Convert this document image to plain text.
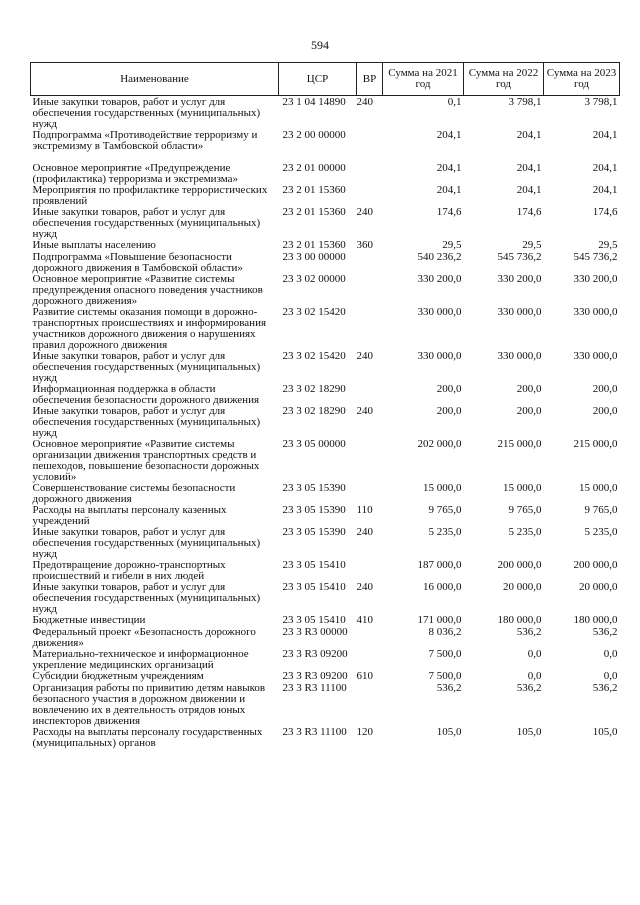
594
Наименование	ЦСР	ВР	Сумма на 2021 год	Сумма на 2022 год	Сумма на 2023 год
Иные закупки товаров, работ и услуг для обеспечения государственных (муниципальных) нужд	23 1 04 14890	240	0,1	3 798,1	3 798,1
Подпрограмма «Противодействие терроризму и экстремизму в Тамбовской области»	23 2 00 00000		204,1	204,1	204,1
Основное мероприятие «Предупреждение (профилактика) терроризма и экстремизма»	23 2 01 00000		204,1	204,1	204,1
Мероприятия по профилактике террористических проявлений	23 2 01 15360		204,1	204,1	204,1
Иные закупки товаров, работ и услуг для обеспечения государственных (муниципальных) нужд	23 2 01 15360	240	174,6	174,6	174,6
Иные выплаты населению	23 2 01 15360	360	29,5	29,5	29,5
Подпрограмма «Повышение безопасности дорожного движения в Тамбовской области»	23 3 00 00000		540 236,2	545 736,2	545 736,2
Основное мероприятие «Развитие системы предупреждения опасного поведения участников дорожного движения»	23 3 02 00000		330 200,0	330 200,0	330 200,0
Развитие системы оказания помощи в дорожно-транспортных происшествиях и информирования участников дорожного движения о нарушениях правил дорожного движения	23 3 02 15420		330 000,0	330 000,0	330 000,0
Иные закупки товаров, работ и услуг для обеспечения государственных (муниципальных) нужд	23 3 02 15420	240	330 000,0	330 000,0	330 000,0
Информационная поддержка в области обеспечения безопасности дорожного движения	23 3 02 18290		200,0	200,0	200,0
Иные закупки товаров, работ и услуг для обеспечения государственных (муниципальных) нужд	23 3 02 18290	240	200,0	200,0	200,0
Основное мероприятие «Развитие системы организации движения транспортных средств и пешеходов, повышение безопасности дорожных условий»	23 3 05 00000		202 000,0	215 000,0	215 000,0
Совершенствование системы безопасности дорожного движения	23 3 05 15390		15 000,0	15 000,0	15 000,0
Расходы на выплаты персоналу казенных учреждений	23 3 05 15390	110	9 765,0	9 765,0	9 765,0
Иные закупки товаров, работ и услуг для обеспечения государственных (муниципальных) нужд	23 3 05 15390	240	5 235,0	5 235,0	5 235,0
Предотвращение дорожно-транспортных происшествий и гибели в них людей	23 3 05 15410		187 000,0	200 000,0	200 000,0
Иные закупки товаров, работ и услуг для обеспечения государственных (муниципальных) нужд	23 3 05 15410	240	16 000,0	20 000,0	20 000,0
Бюджетные инвестиции	23 3 05 15410	410	171 000,0	180 000,0	180 000,0
Федеральный проект «Безопасность дорожного движения»	23 3 R3 00000		8 036,2	536,2	536,2
Материально-техническое и информационное укрепление медицинских организаций	23 3 R3 09200		7 500,0	0,0	0,0
Субсидии бюджетным учреждениям	23 3 R3 09200	610	7 500,0	0,0	0,0
Организация работы по привитию детям навыков безопасного участия в дорожном движении и вовлечению их в деятельность отрядов юных инспекторов движения	23 3 R3 11100		536,2	536,2	536,2
Расходы на выплаты персоналу государственных (муниципальных) органов	23 3 R3 11100	120	105,0	105,0	105,0
